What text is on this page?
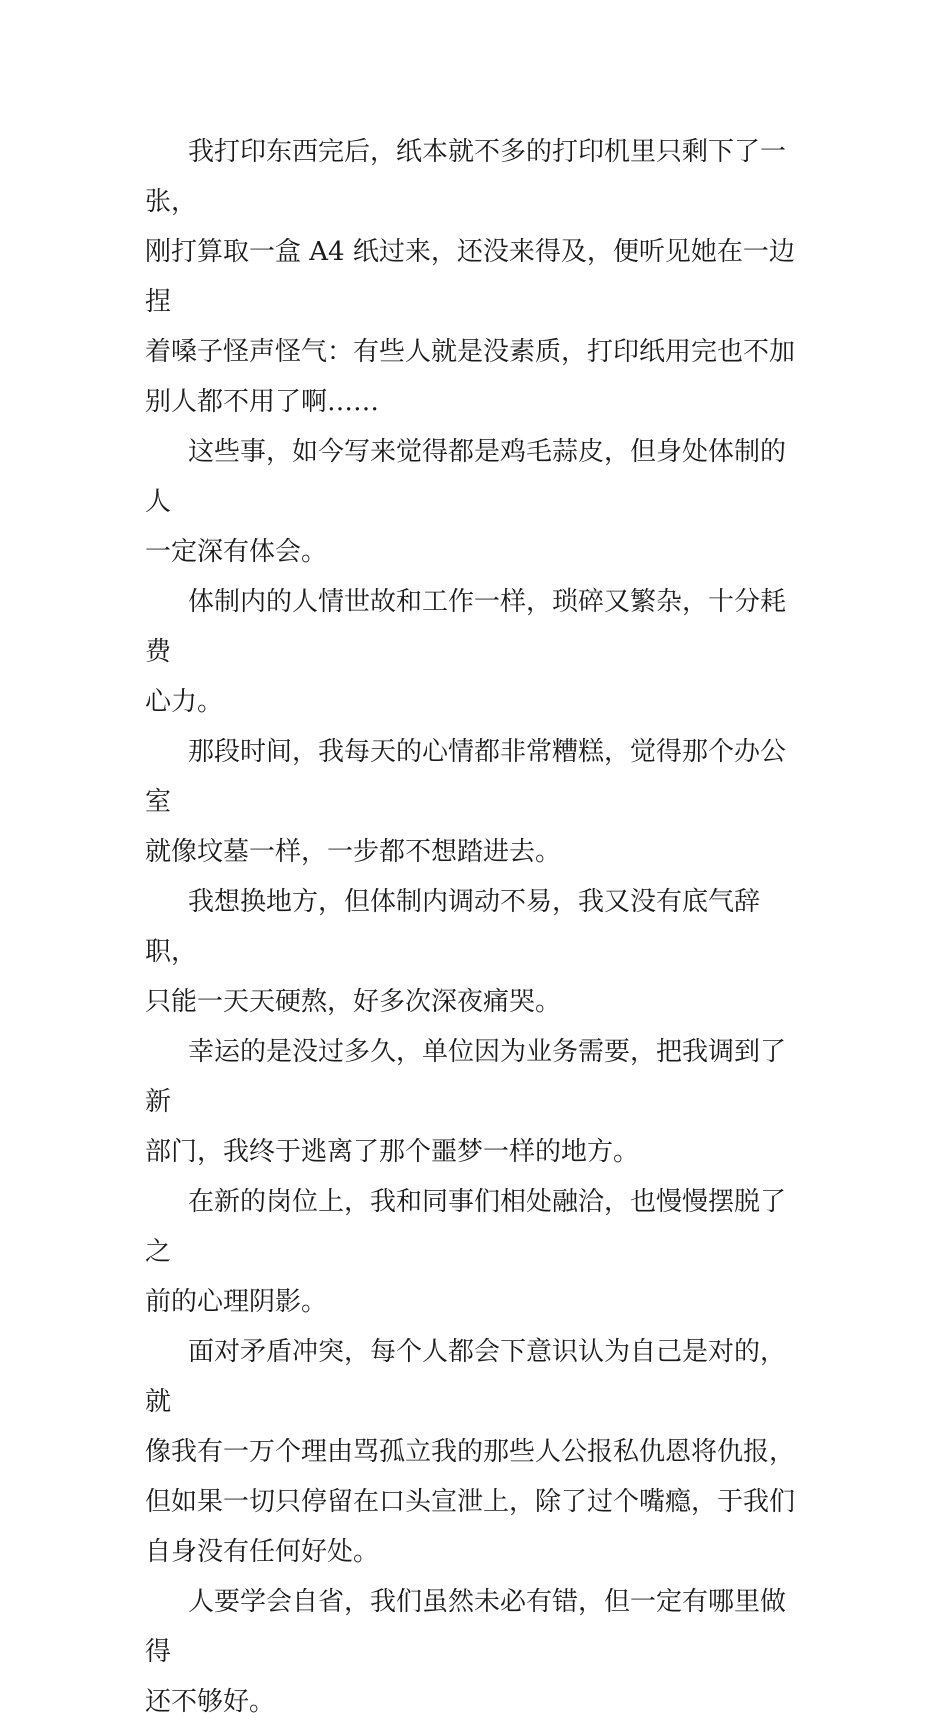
我打印东西完后，纸本就不多的打印机里只剩下了一张，
刚打算取一盒 A4 纸过来，还没来得及，便听见她在一边捏
着嗓子怪声怪气：有些人就是没素质，打印纸用完也不加
别人都不用了啊……

这些事，如今写来觉得都是鸡毛蒜皮，但身处体制的人
一定深有体会。

体制内的人情世故和工作一样，琐碎又繁杂，十分耗费
心力。

那段时间，我每天的心情都非常糟糕，觉得那个办公室
就像坟墓一样，一步都不想踏进去。

我想换地方，但体制内调动不易，我又没有底气辞职，
只能一天天硬熬，好多次深夜痛哭。

幸运的是没过多久，单位因为业务需要，把我调到了新
部门，我终于逃离了那个噩梦一样的地方。

在新的岗位上，我和同事们相处融洽，也慢慢摆脱了之
前的心理阴影。

面对矛盾冲突，每个人都会下意识认为自己是对的，就
像我有一万个理由骂孤立我的那些人公报私仇恩将仇报，
但如果一切只停留在口头宣泄上，除了过个嘴瘾，于我们
自身没有任何好处。

人要学会自省，我们虽然未必有错，但一定有哪里做得
还不够好。
